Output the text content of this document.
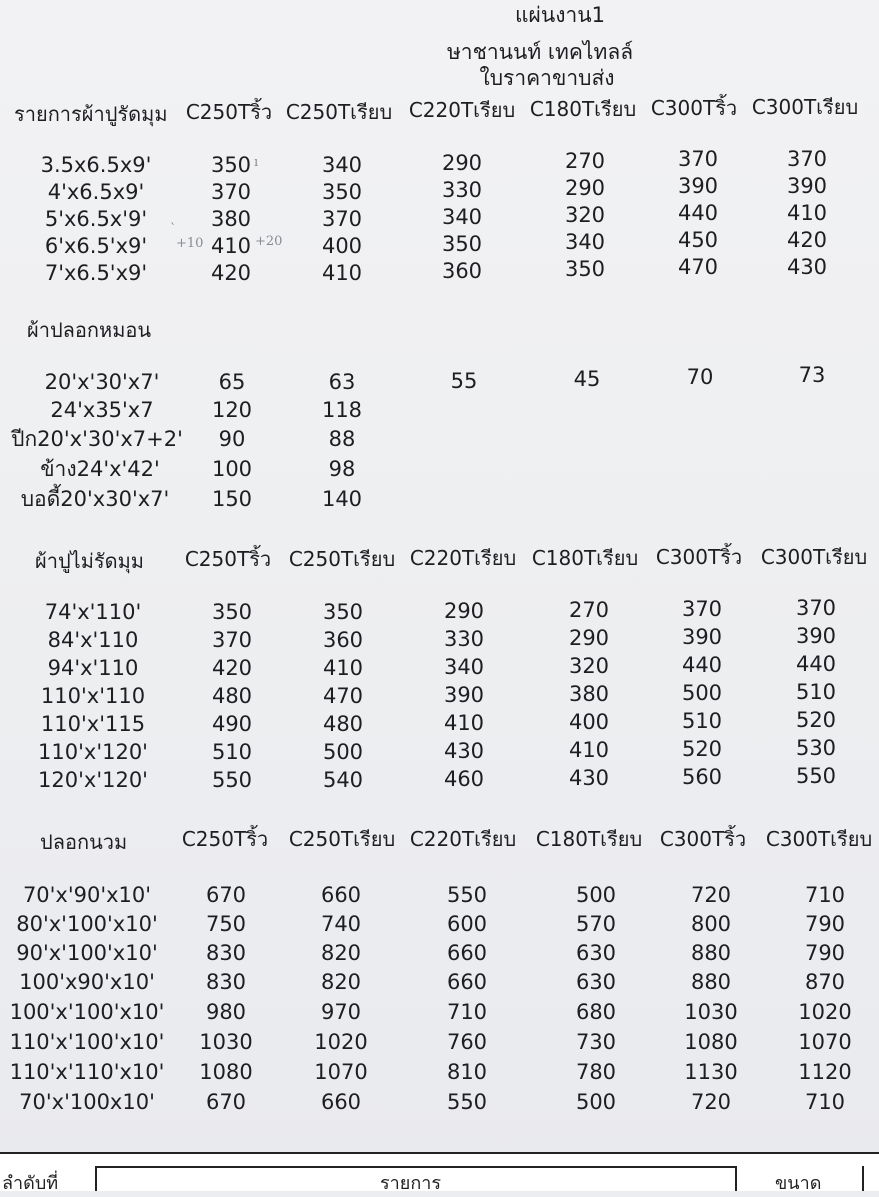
แผ่นงาน1
ษาชานนท์ เทคไทลล์
ใบราคาขาบส่ง
รายการผ้าปูรัดมุม C250Tริ้ว C250Tเรียบ C220Tเรียบ C180Tเรียบ C300Tริ้ว C300Tเรียบ
3.5x6.5x9'	350	340	290	270	370	370
4'x6.5x9'	370	350	330	290	390	390
5'x6.5x'9'	380	370	340	320	440	410
6'x6.5'x9'	410	400	350	340	450	420
7'x6.5'x9'	420	410	360	350	470	430
ı
ˋ
+20
+10
ผ้าปลอกหมอน
20'x'30'x7'	65	63	55	45	70	73
24'x35'x7	120	118
ปีก20'x'30'x7+2' 90	88
ข้าง24'x'42' 100	98
บอดี้20'x30'x7' 150	140
ผ้าปูไม่รัดมุม C250Tริ้ว C250Tเรียบ C220Tเรียบ C180Tเรียบ C300Tริ้ว C300Tเรียบ
74'x'110'	350	350	290	270	370	370
84'x'110	370	360	330	290	390	390
94'x'110	420	410	340	320	440	440
110'x'110	480	470	390	380	500	510
110'x'115	490	480	410	400	510	520
110'x'120'	510	500	430	410	520	530
120'x'120'	550	540	460	430	560	550
ปลอกนวม	C250Tริ้ว C250Tเรียบ C220Tเรียบ C180Tเรียบ C300Tริ้ว C300Tเรียบ
70'x'90'x10'	670	660	550	500	720	710
80'x'100'x10' 750	740	600	570	800	790
90'x'100'x10' 830	820	660	630	880	790
100'x90'x10' 830	820	660	630	880	870
100'x'100'x10' 980	970	710	680	1030	1020
110'x'100'x10' 1030	1020	760	730	1080	1070
110'x'110'x10' 1080	1070	810	780	1130	1120
70'x'100x10' 670	660	550	500	720	710
ลำดับที่	รายการ	ขนาด
